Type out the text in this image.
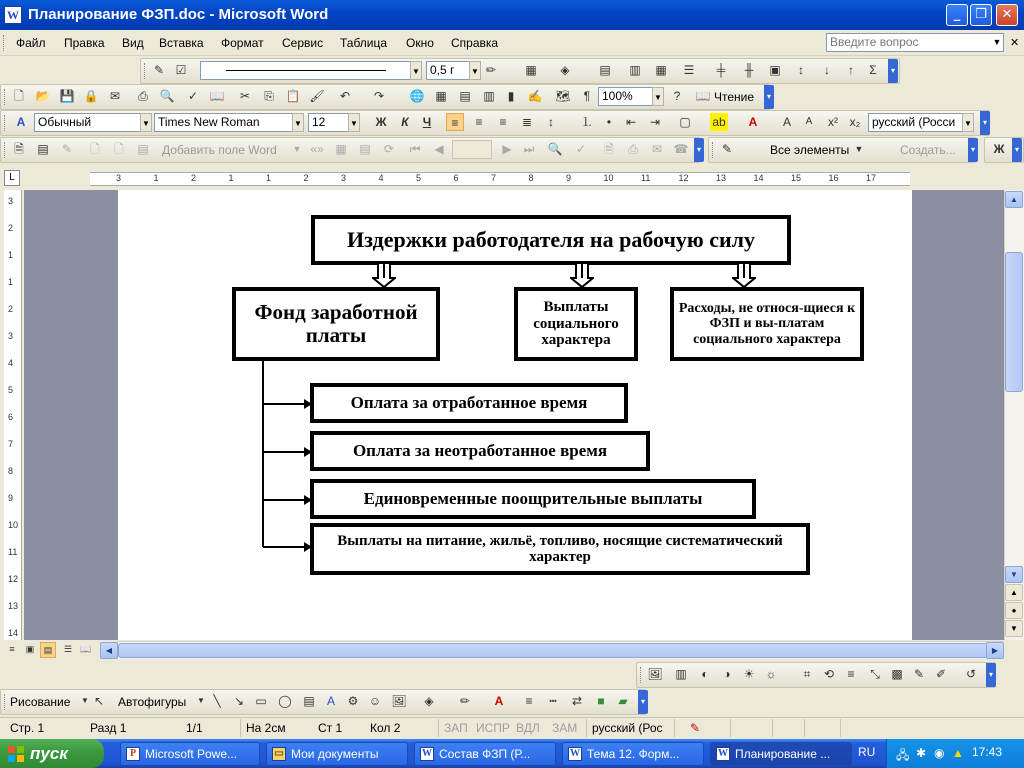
W Планирование ФЗП.doc - Microsoft Word	_	❐	✕
Файл Правка Вид Вставка Формат Сервис Таблица Окно Справка	Введите вопрос	▼ ✕
✎ ☑	▼ 0,5 г	▼ ✏	▦	◈	▤ ▥ ▦	☰	╪	╫	▣	↕	↓	↑	Σ	▾
🗋 📂 💾 🔒 ✉	⎙ 🔍	✓ 📖	✂	⎘ 📋 🖌	↶	↷	🌐 ▦ ▤ ▥	▮	✍ 🗺	¶ 100%	▼ ?	📖 Чтение	▾
A	Обычный	▼ Times New Roman	▼ 12	▼ Ж	К	Ч	≡	≡	≡	≣	↕	⒈	•	⇤	⇥	▢ ab	A	A	A	x² x₂ русский (Росси	▼	▾
🗎	▤	✎	🗋	🗋	▤ Добавить поле Word	▼ «» ▦ ▤	⟳	⏮	◀	▶ ⏭ 🔍	✓	🗎	⎙	✉ ☎	▾	✎	Все элементы ▼	Создать...	▾ Ж	▾
L	3	1	2	1	1	2	3	4	5	6	7	8	9	10	11	12	13	14	15	16	17
3
2
1
1
2
3
4
5
6
7
8
9
10
11
12
13
14
Издержки работодателя на рабочую силу
Фонд заработной платы
Выплаты социального характера
Расходы, не относя-щиеся к ФЗП и вы-платам социального характера
Оплата за отработанное время
Оплата за неотработанное время
Единовременные поощрительные выплаты
Выплаты на питание, жильё, топливо, носящие систематический характер
▲
▼
▲
●
▼
≡	▣	▤	☰ 📖	◀	▶
🖼 ▥	◐	◑	☀ ☼	⌗	⟲	≡	⤡ ▩ ✎ ✐	↺	▾
Рисование	▼ ↖	Автофигуры	▼ ╲	↘ ▭ ◯ ▤	A	⚙ ☺ 🖼	◈	✏	A	≡	┅	⇄	■	▰	▾
Стр. 1	Разд 1	1/1	На 2см	Ст 1 Кол 2	ЗАП ИСПР ВДЛ ЗАМ русский (Рос ✎
пуск	Microsoft Powe...
P	Мои документы
▭	Состав ФЗП (Р...
W	Тема 12. Форм...
W	Планирование ...
W	RU 🖧 ✱ ◉ ▲ 17:43
